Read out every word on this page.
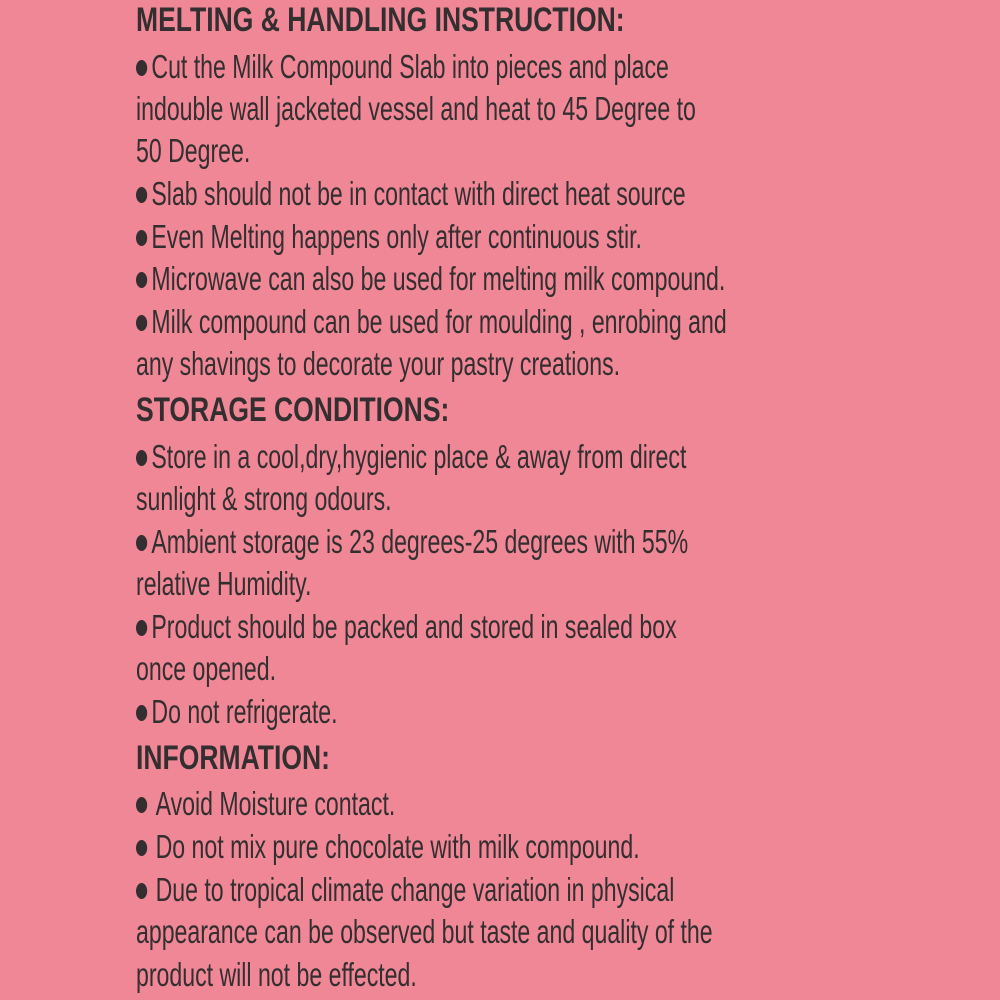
MELTING & HANDLING INSTRUCTION:
Cut the Milk Compound Slab into pieces and place
indouble wall jacketed vessel and heat to 45 Degree to
50 Degree.
Slab should not be in contact with direct heat source
Even Melting happens only after continuous stir.
Microwave can also be used for melting milk compound.
Milk compound can be used for moulding , enrobing and
any shavings to decorate your pastry creations.
STORAGE CONDITIONS:
Store in a cool,dry,hygienic place & away from direct
sunlight & strong odours.
Ambient storage is 23 degrees-25 degrees with 55%
relative Humidity.
Product should be packed and stored in sealed box
once opened.
Do not refrigerate.
INFORMATION:
Avoid Moisture contact.
Do not mix pure chocolate with milk compound.
Due to tropical climate change variation in physical
appearance can be observed but taste and quality of the
product will not be effected.
